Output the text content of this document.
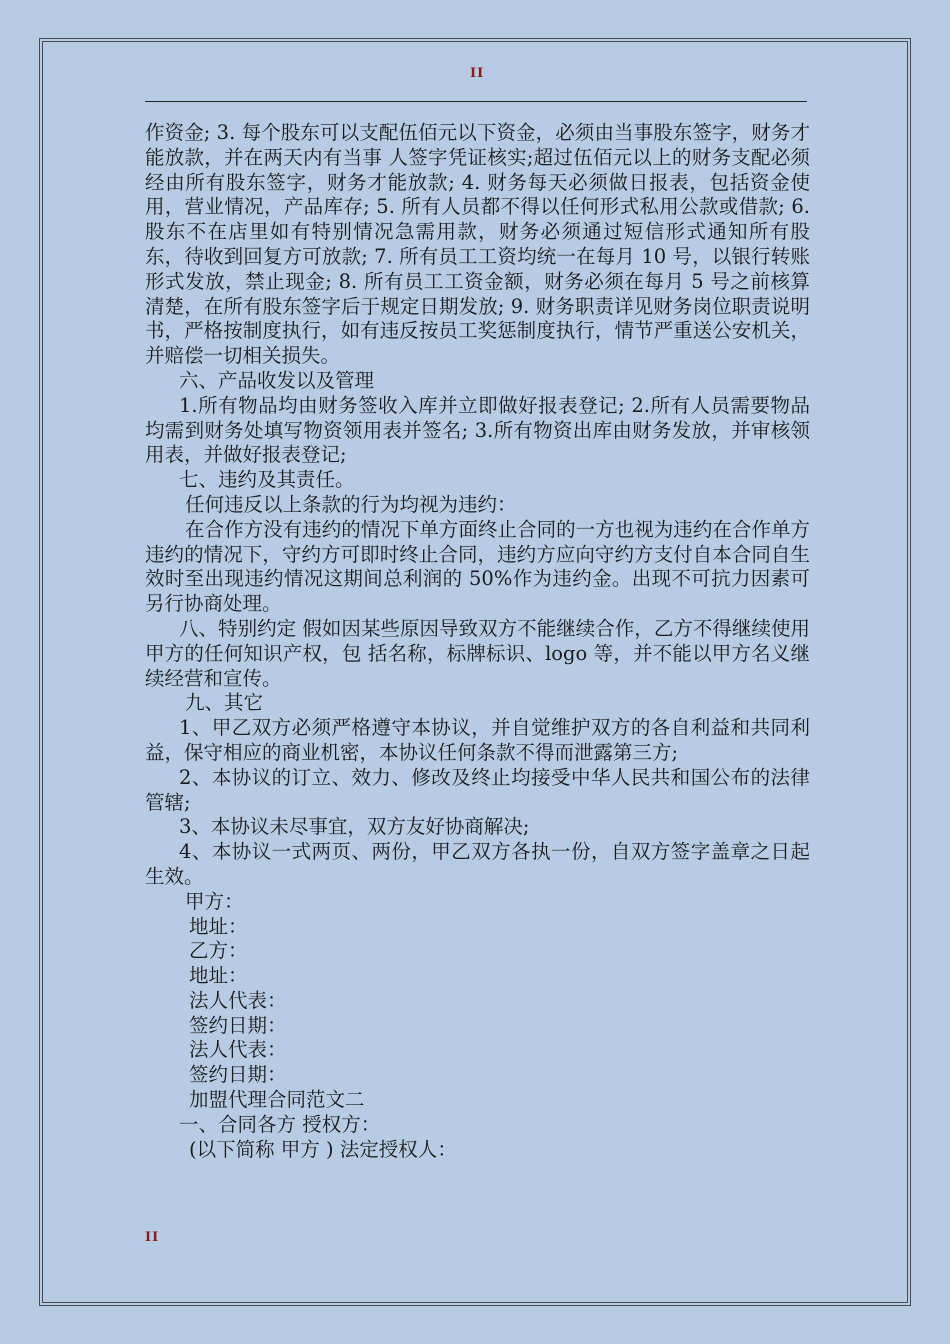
II

作资金; 3. 每个股东可以支配伍佰元以下资金，必须由当事股东签字，财务才能放款，并在两天内有当事 人签字凭证核实;超过伍佰元以上的财务支配必须经由所有股东签字，财务才能放款; 4. 财务每天必须做日报表，包括资金使用，营业情况，产品库存; 5. 所有人员都不得以任何形式私用公款或借款; 6. 股东不在店里如有特别情况急需用款，财务必须通过短信形式通知所有股 东，待收到回复方可放款; 7. 所有员工工资均统一在每月 10 号，以银行转账形式发放，禁止现金; 8. 所有员工工资金额，财务必须在每月 5 号之前核算清楚，在所有股东签字后于规定日期发放; 9. 财务职责详见财务岗位职责说明书，严格按制度执行，如有违反按员工奖惩制度执行，情节严重送公安机关，并赔偿一切相关损失。

六、产品收发以及管理

1.所有物品均由财务签收入库并立即做好报表登记; 2.所有人员需要物品均需到财务处填写物资领用表并签名; 3.所有物资出库由财务发放，并审核领用表，并做好报表登记;

七、违约及其责任。

任何违反以上条款的行为均视为违约：

在合作方没有违约的情况下单方面终止合同的一方也视为违约在合作单方违约的情况下，守约方可即时终止合同，违约方应向守约方支付自本合同自生效时至出现违约情况这期间总利润的 50%作为违约金。出现不可抗力因素可另行协商处理。

八、特别约定 假如因某些原因导致双方不能继续合作，乙方不得继续使用甲方的任何知识产权，包 括名称，标牌标识、logo 等，并不能以甲方名义继续经营和宣传。

九、其它

1、甲乙双方必须严格遵守本协议，并自觉维护双方的各自利益和共同利益，保守相应的商业机密，本协议任何条款不得而泄露第三方;

2、本协议的订立、效力、修改及终止均接受中华人民共和国公布的法律管辖;

3、本协议未尽事宜，双方友好协商解决;

4、本协议一式两页、两份，甲乙双方各执一份，自双方签字盖章之日起生效。

甲方：

地址：

乙方：

地址：

法人代表：

签约日期：

法人代表：

签约日期：

加盟代理合同范文二

一、合同各方 授权方：

(以下简称 甲方 ) 法定授权人：

II
